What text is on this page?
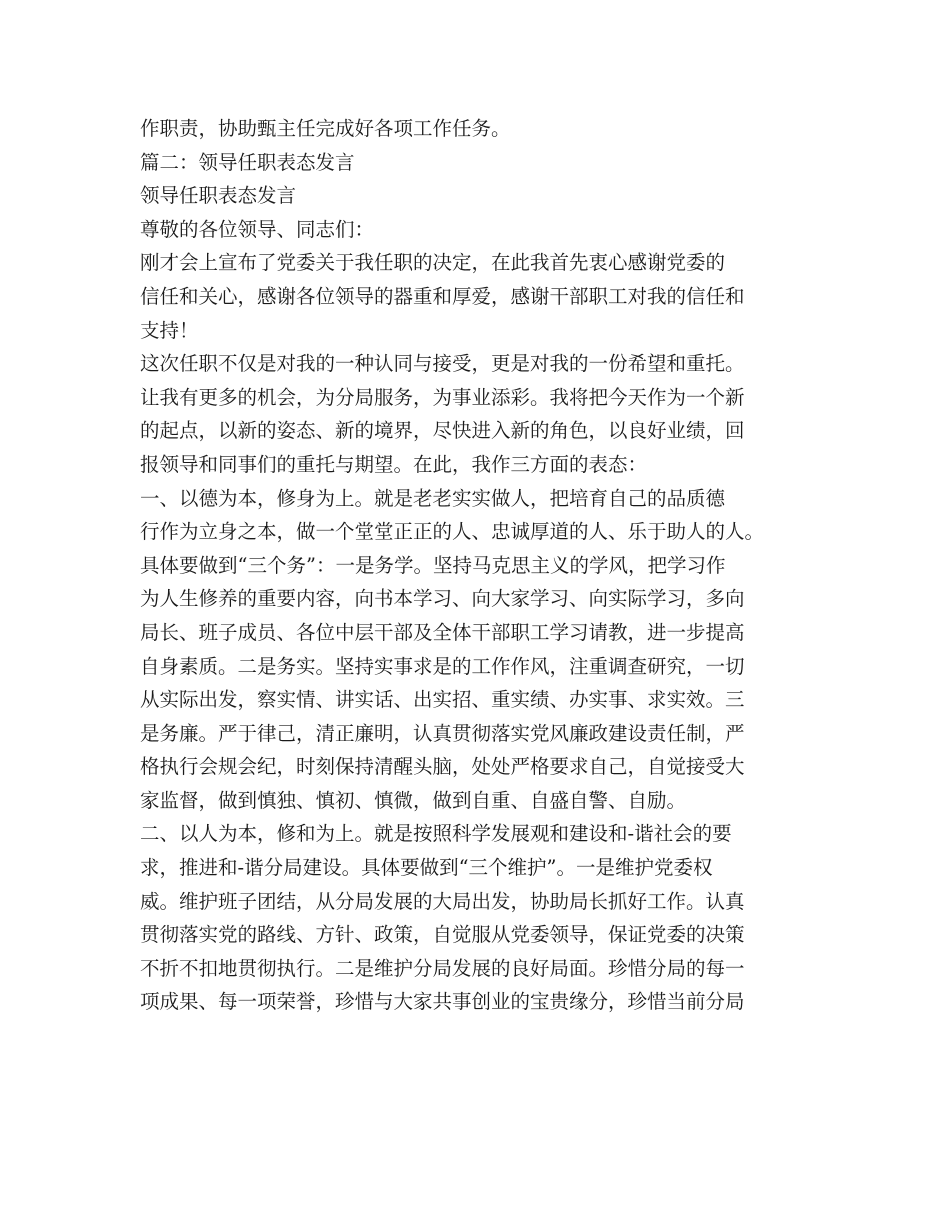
作职责，协助甄主任完成好各项工作任务。
篇二：领导任职表态发言
领导任职表态发言
尊敬的各位领导、同志们：
刚才会上宣布了党委关于我任职的决定，在此我首先衷心感谢党委的
信任和关心，感谢各位领导的器重和厚爱，感谢干部职工对我的信任和
支持！
这次任职不仅是对我的一种认同与接受，更是对我的一份希望和重托。
让我有更多的机会，为分局服务，为事业添彩。我将把今天作为一个新
的起点，以新的姿态、新的境界，尽快进入新的角色，以良好业绩，回
报领导和同事们的重托与期望。在此，我作三方面的表态：
一、以德为本，修身为上。就是老老实实做人，把培育自己的品质德
行作为立身之本，做一个堂堂正正的人、忠诚厚道的人、乐于助人的人。
具体要做到“三个务”：一是务学。坚持马克思主义的学风，把学习作
为人生修养的重要内容，向书本学习、向大家学习、向实际学习，多向
局长、班子成员、各位中层干部及全体干部职工学习请教，进一步提高
自身素质。二是务实。坚持实事求是的工作作风，注重调查研究，一切
从实际出发，察实情、讲实话、出实招、重实绩、办实事、求实效。三
是务廉。严于律己，清正廉明，认真贯彻落实党风廉政建设责任制，严
格执行会规会纪，时刻保持清醒头脑，处处严格要求自己，自觉接受大
家监督，做到慎独、慎初、慎微，做到自重、自盛自警、自励。
二、以人为本，修和为上。就是按照科学发展观和建设和-谐社会的要
求，推进和-谐分局建设。具体要做到“三个维护”。一是维护党委权
威。维护班子团结，从分局发展的大局出发，协助局长抓好工作。认真
贯彻落实党的路线、方针、政策，自觉服从党委领导，保证党委的决策
不折不扣地贯彻执行。二是维护分局发展的良好局面。珍惜分局的每一
项成果、每一项荣誉，珍惜与大家共事创业的宝贵缘分，珍惜当前分局
